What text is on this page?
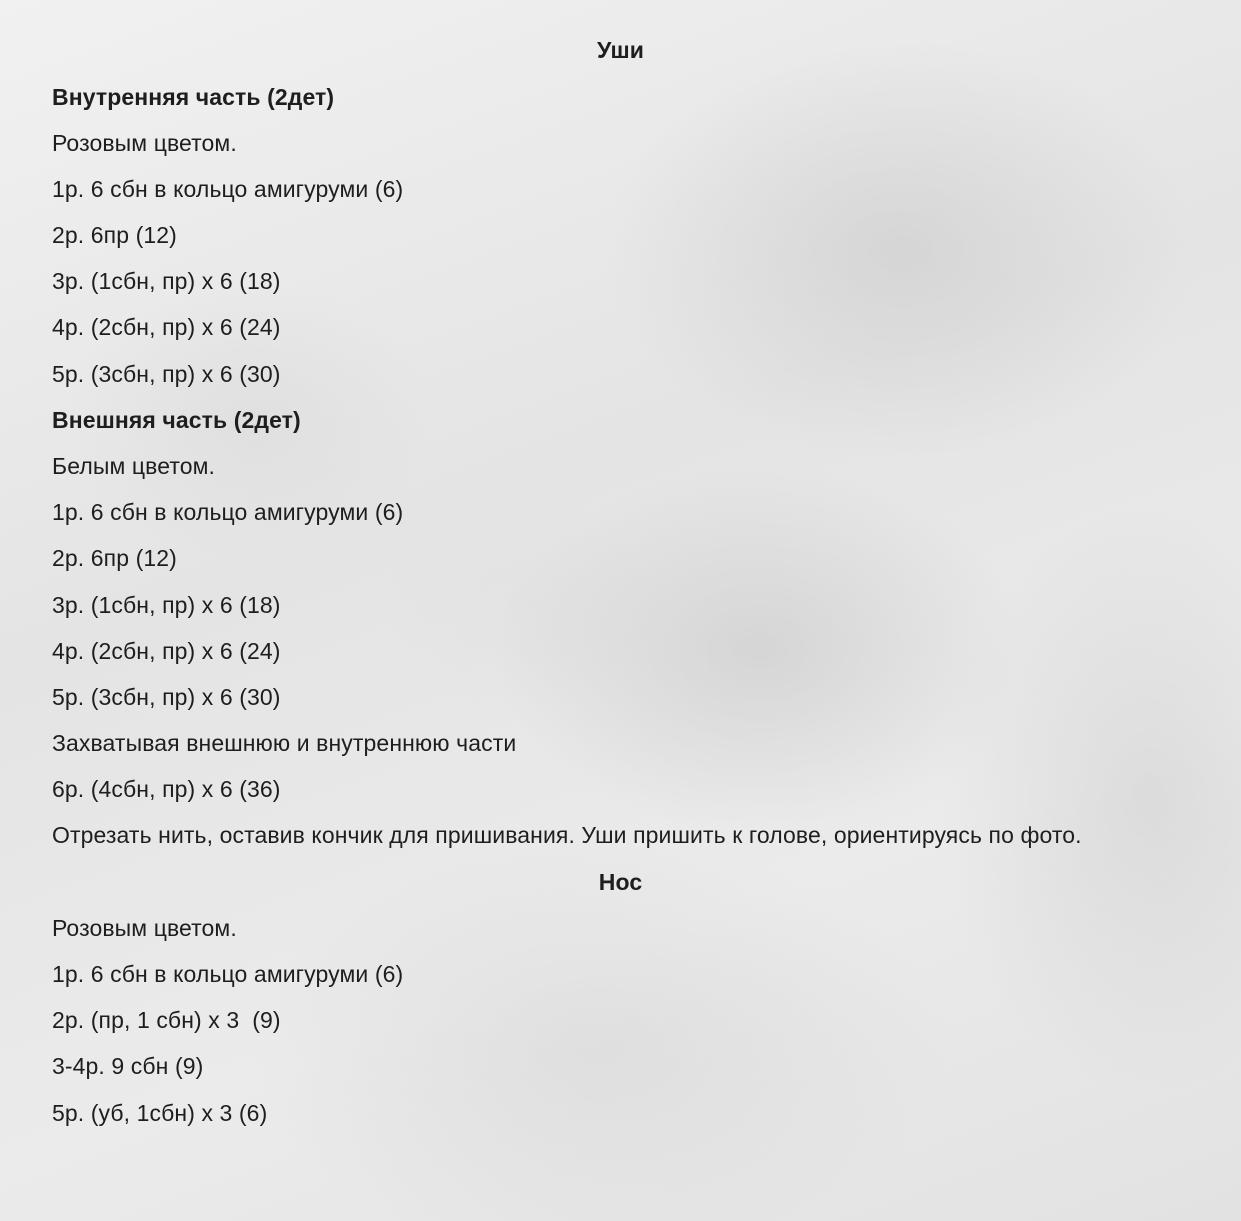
Уши
Внутренняя часть (2дет)
Розовым цветом.
1р. 6 сбн в кольцо амигуруми (6)
2р. 6пр (12)
3р. (1сбн, пр) х 6 (18)
4р. (2сбн, пр) х 6 (24)
5р. (3сбн, пр) х 6 (30)
Внешняя часть (2дет)
Белым цветом.
1р. 6 сбн в кольцо амигуруми (6)
2р. 6пр (12)
3р. (1сбн, пр) х 6 (18)
4р. (2сбн, пр) х 6 (24)
5р. (3сбн, пр) х 6 (30)
Захватывая внешнюю и внутреннюю части
6р. (4сбн, пр) х 6 (36)
Отрезать нить, оставив кончик для пришивания. Уши пришить к голове, ориентируясь по фото.
Нос
Розовым цветом.
1р. 6 сбн в кольцо амигуруми (6)
2р. (пр, 1 сбн) х 3  (9)
3-4р. 9 сбн (9)
5р. (уб, 1сбн) х 3 (6)
